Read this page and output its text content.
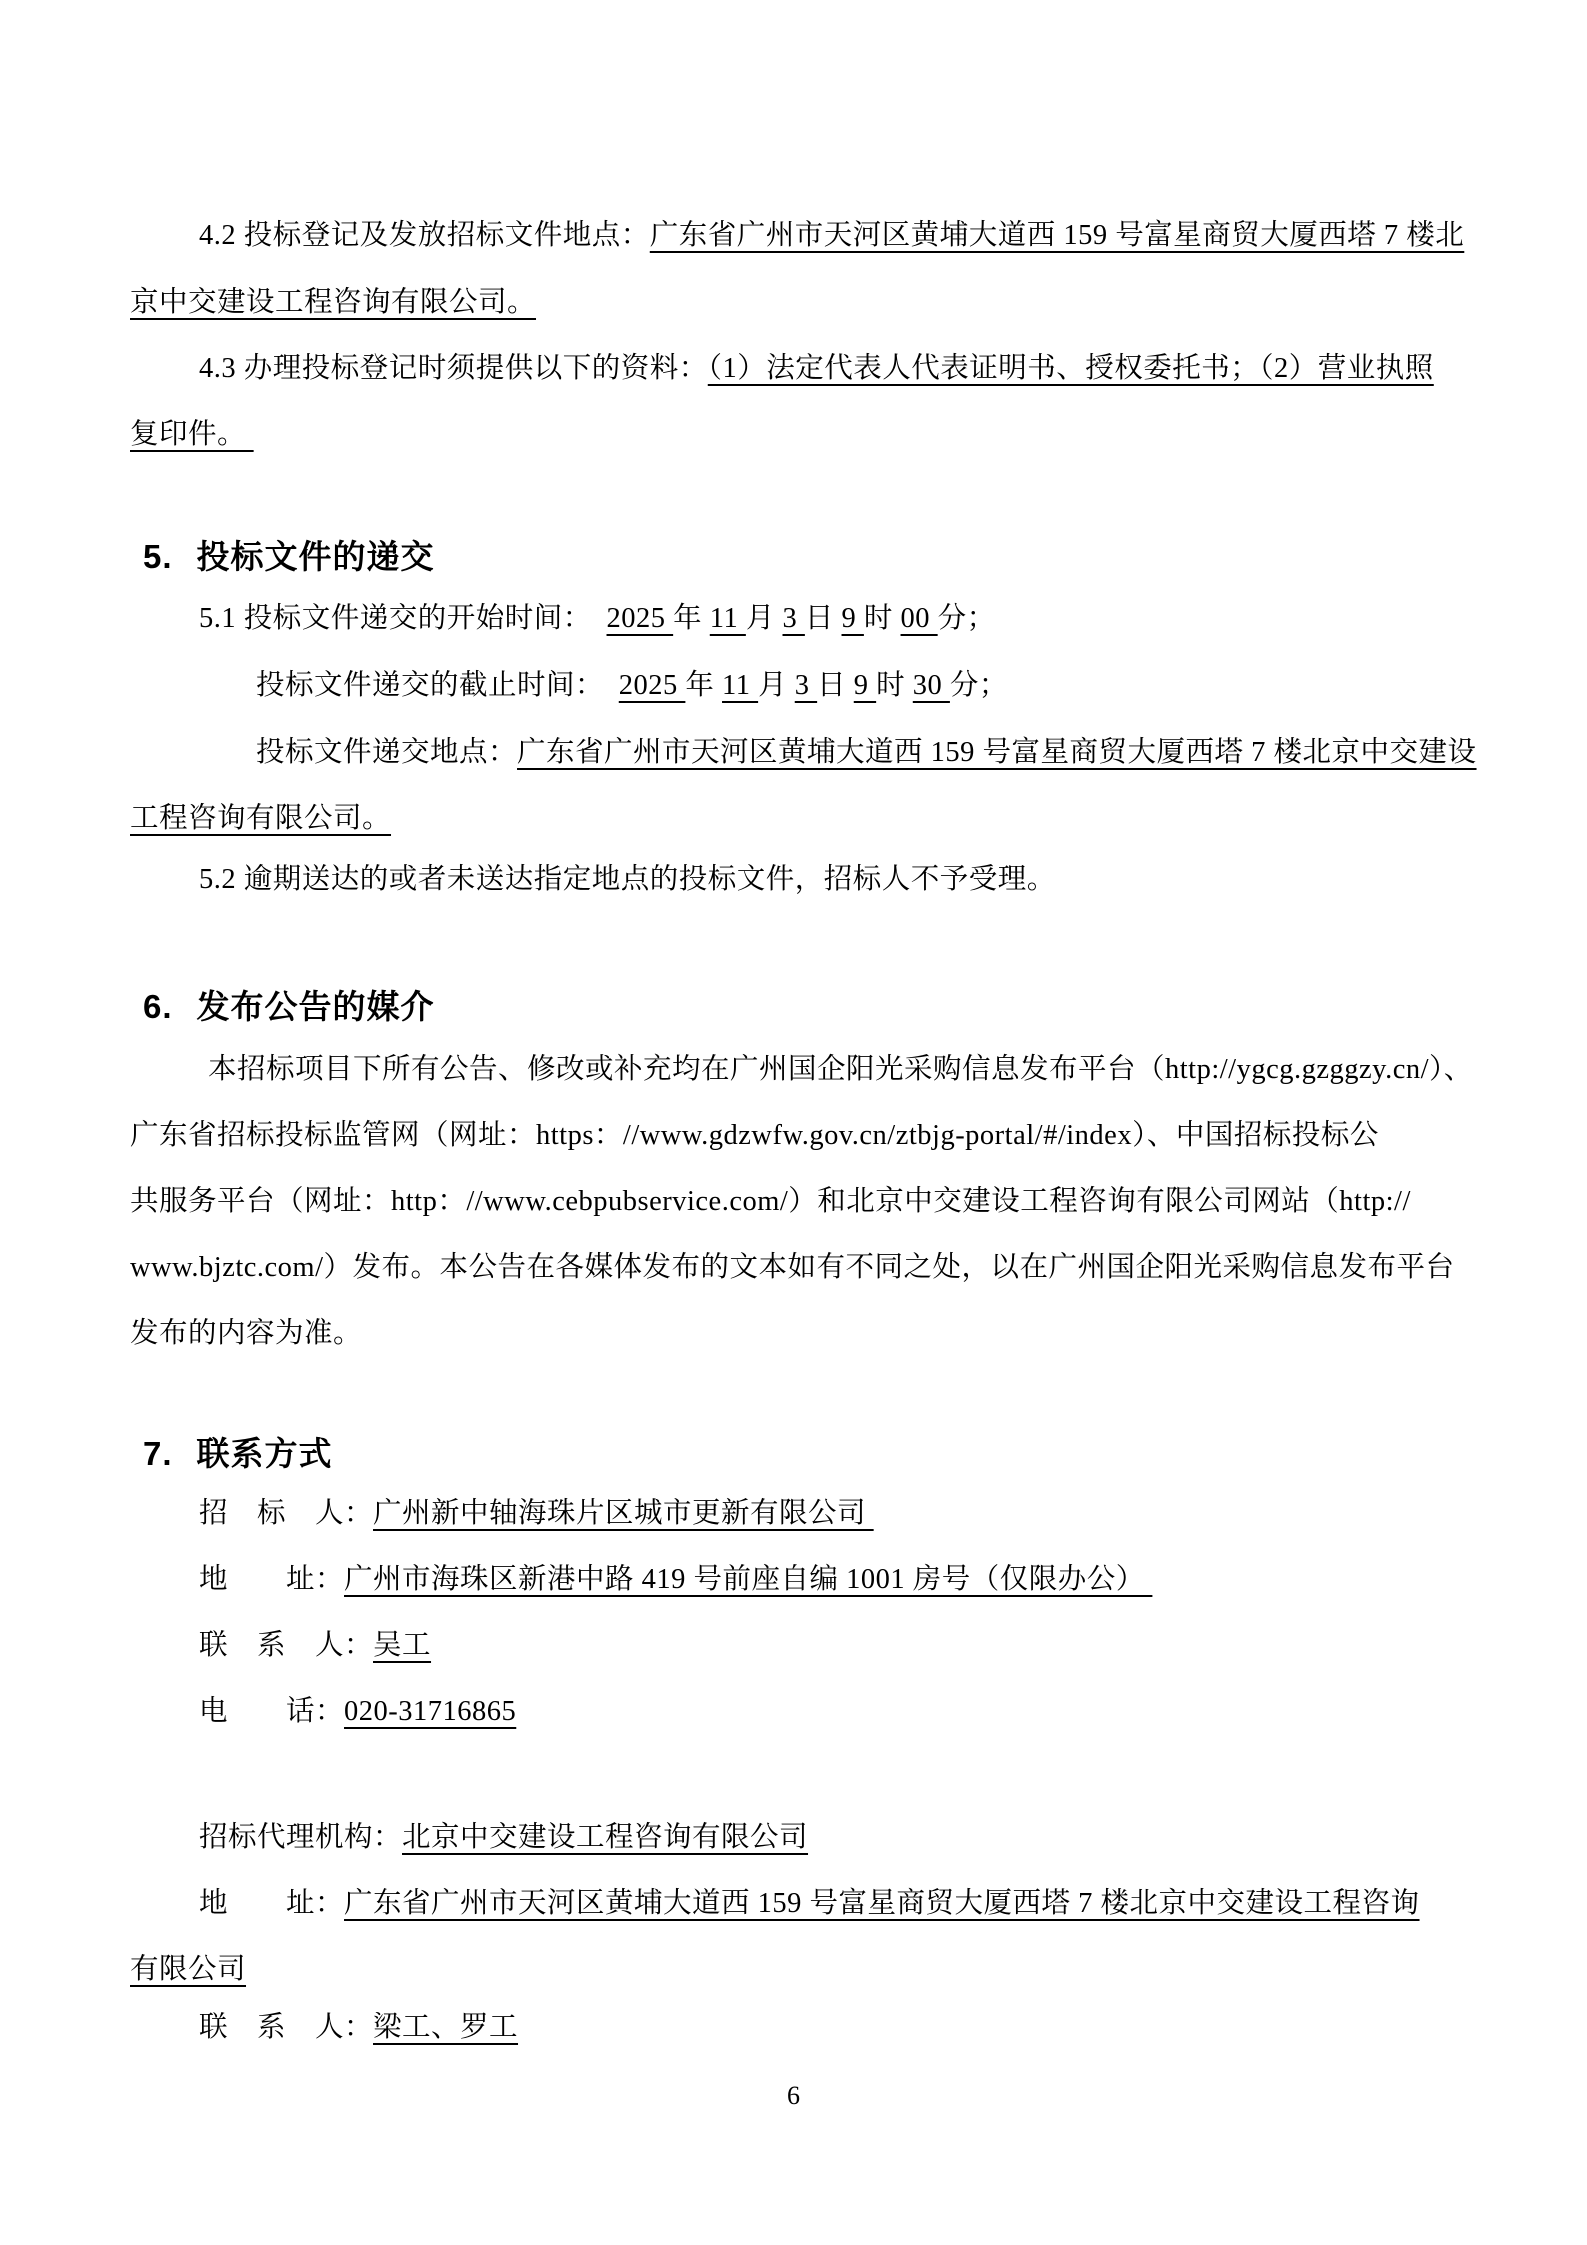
4.2 投标登记及发放招标文件地点：广东省广州市天河区黄埔大道西 159 号富星商贸大厦西塔 7 楼北
京中交建设工程咨询有限公司。
4.3 办理投标登记时须提供以下的资料：（1）法定代表人代表证明书、授权委托书；（2）营业执照
复印件。
5. 投标文件的递交
5.1 投标文件递交的开始时间：　2025 年 11 月 3 日 9 时 00 分；
投标文件递交的截止时间：　2025 年 11 月 3 日 9 时 30 分；
投标文件递交地点：广东省广州市天河区黄埔大道西 159 号富星商贸大厦西塔 7 楼北京中交建设
工程咨询有限公司。
5.2 逾期送达的或者未送达指定地点的投标文件，招标人不予受理。
6. 发布公告的媒介
本招标项目下所有公告、修改或补充均在广州国企阳光采购信息发布平台（http://ygcg.gzggzy.cn/）、
广东省招标投标监管网（网址：https：//www.gdzwfw.gov.cn/ztbjg-portal/#/index）、中国招标投标公
共服务平台（网址：http：//www.cebpubservice.com/）和北京中交建设工程咨询有限公司网站（http://
www.bjztc.com/）发布。本公告在各媒体发布的文本如有不同之处，以在广州国企阳光采购信息发布平台
发布的内容为准。
7. 联系方式
招　标　人：广州新中轴海珠片区城市更新有限公司
地　　址：广州市海珠区新港中路 419 号前座自编 1001 房号（仅限办公）
联　系　人：吴工
电　　话：020-31716865
招标代理机构：北京中交建设工程咨询有限公司
地　　址：广东省广州市天河区黄埔大道西 159 号富星商贸大厦西塔 7 楼北京中交建设工程咨询
有限公司
联　系　人：梁工、罗工
6
